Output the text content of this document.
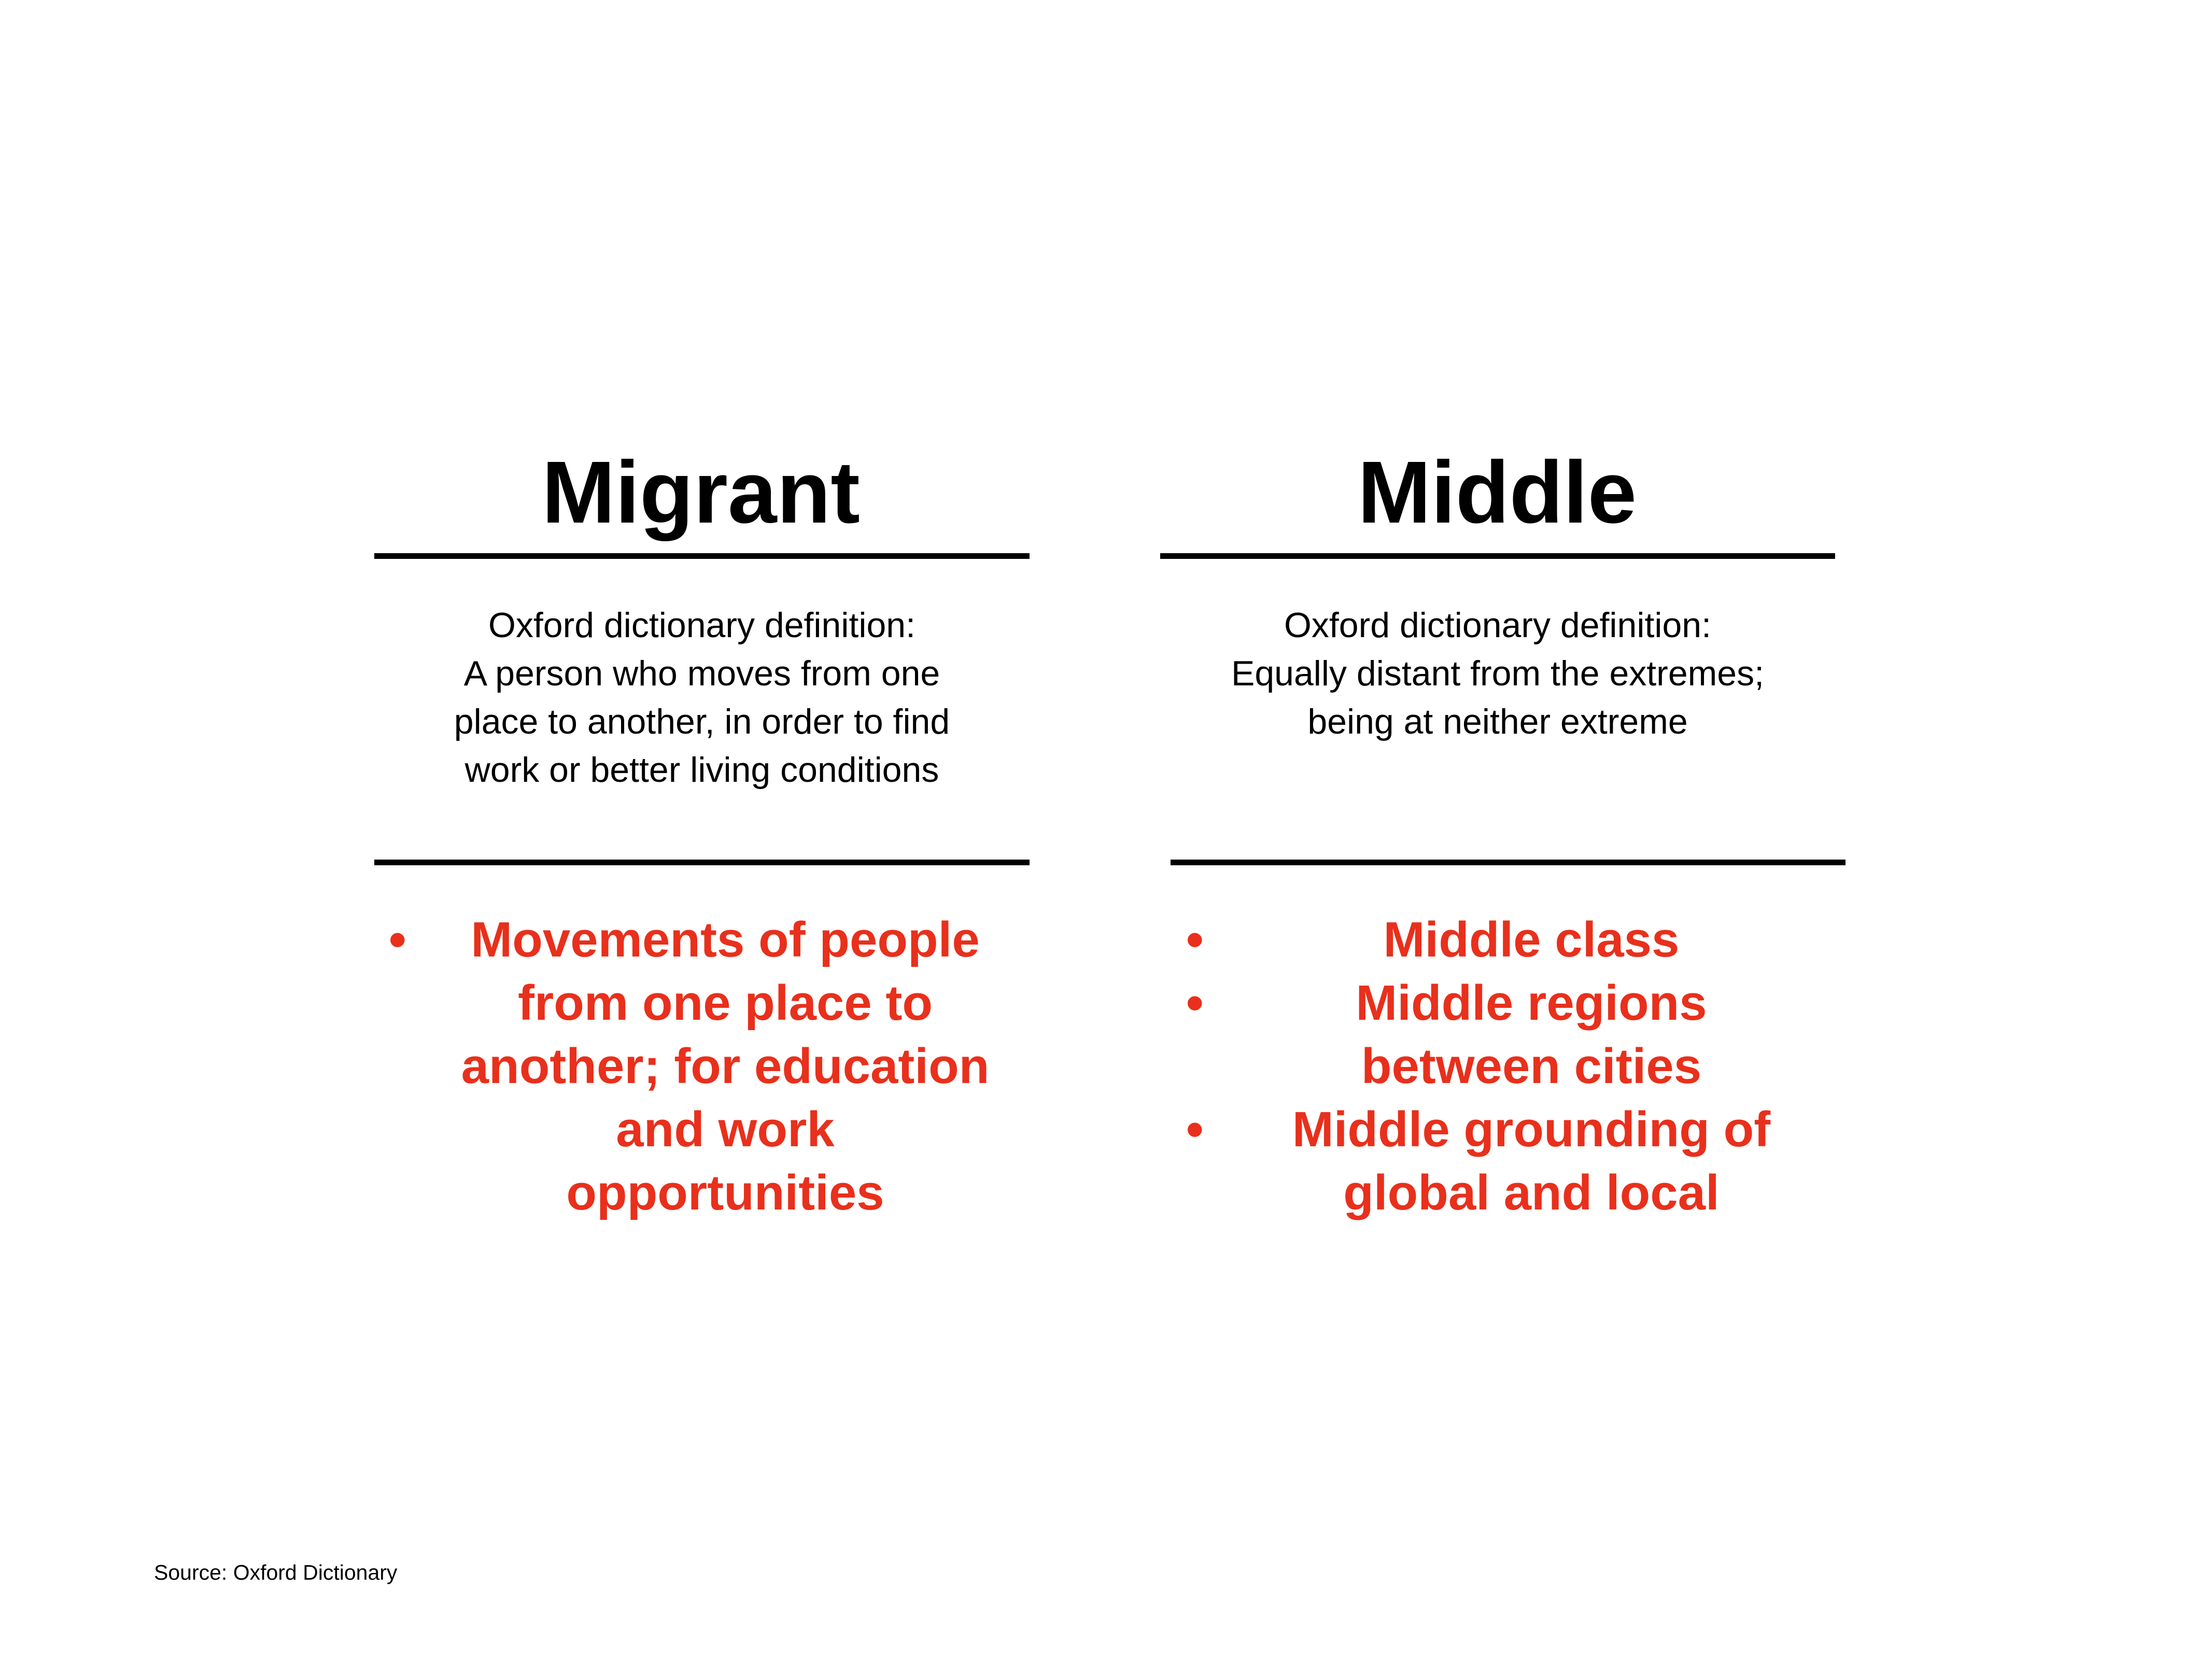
Migrant

Oxford dictionary definition:
A person who moves from one
place to another, in order to find
work or better living conditions

•	Movements of people
from one place to
another; for education
and work
opportunities
Middle

Oxford dictionary definition:
Equally distant from the extremes;
being at neither extreme

•	Middle class
•	Middle regions
between cities
•	Middle grounding of
global and local
Source: Oxford Dictionary
